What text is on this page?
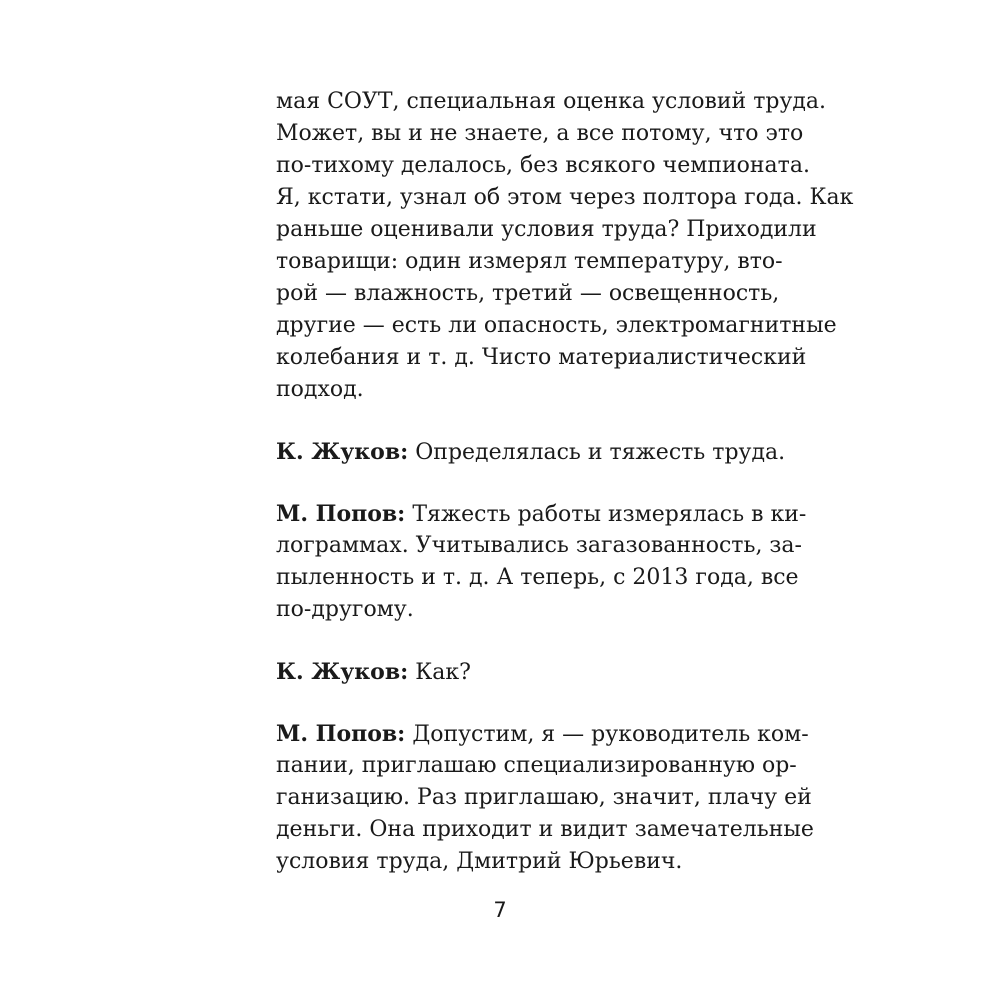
мая СОУТ, специальная оценка условий труда.
Может, вы и не знаете, а все потому, что это
по-тихому делалось, без всякого чемпионата.
Я, кстати, узнал об этом через полтора года. Как
раньше оценивали условия труда? Приходили
товарищи: один измерял температуру, вто-
рой — влажность, третий — освещенность,
другие — есть ли опасность, электромагнитные
колебания и т. д. Чисто материалистический
подход.

К. Жуков: Определялась и тяжесть труда.

М. Попов: Тяжесть работы измерялась в ки-
лограммах. Учитывались загазованность, за-
пыленность и т. д. А теперь, с 2013 года, все
по-другому.

К. Жуков: Как?

М. Попов: Допустим, я — руководитель ком-
пании, приглашаю специализированную ор-
ганизацию. Раз приглашаю, значит, плачу ей
деньги. Она приходит и видит замечательные
условия труда, Дмитрий Юрьевич.

7
